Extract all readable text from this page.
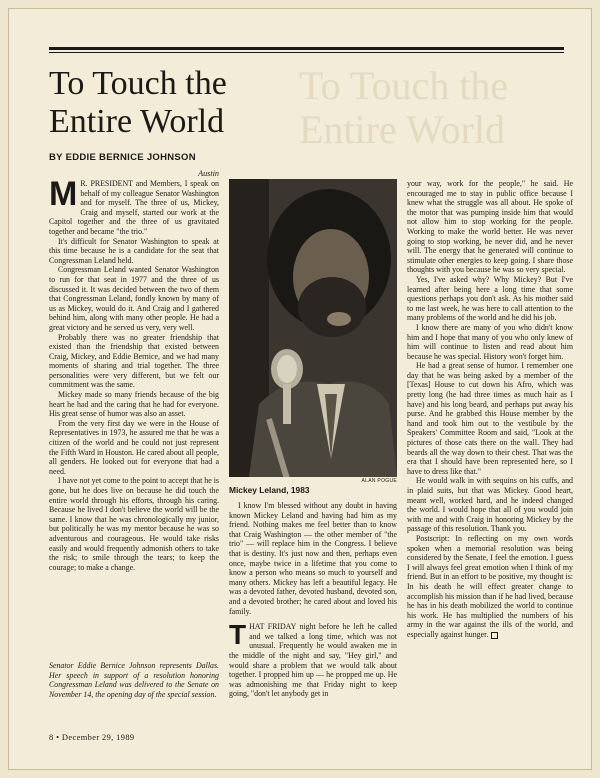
To Touch the Entire World
To Touch the
Entire World
BY EDDIE BERNICE JOHNSON
Austin

M R. PRESIDENT and Members, I speak on behalf of my colleague Senator Washington and for myself. The three of us, Mickey, Craig and myself, started our work at the Capitol together and the three of us gravitated together and became "the trio."

It's difficult for Senator Washington to speak at this time because he is a candidate for the seat that Congressman Leland held.

Congressman Leland wanted Senator Washington to run for that seat in 1977 and the three of us discussed it. It was decided between the two of them that Congressman Leland, fondly known by many of us as Mickey, would do it. And Craig and I gathered behind him, along with many other people. He had a great victory and he served us very, very well.

Probably there was no greater friendship that existed than the friendship that existed between Craig, Mickey, and Eddie Bernice, and we had many moments of sharing and trial together. The three personalities were very different, but we felt our commitment was the same.

Mickey made so many friends because of the big heart he had and the caring that he had for everyone. His great sense of humor was also an asset.

From the very first day we were in the House of Representatives in 1973, he assured me that he was a citizen of the world and he could not just represent the Fifth Ward in Houston. He cared about all people, all genders. He looked out for everyone that had a need.

I have not yet come to the point to accept that he is gone, but he does live on because he did touch the entire world through his efforts, through his caring. Because he lived I don't believe the world will be the same. I know that he was chronologically my junior, but politically he was my mentor because he was so adventurous and courageous. He would take risks easily and would frequently admonish others to take the risk; to smile through the tears; to keep the courage; to make a change.

Senator Eddie Bernice Johnson represents Dallas. Her speech in support of a resolution honoring Congressman Leland was delivered to the Senate on November 14, the opening day of the special session.
ALAN POGUE
Mickey Leland, 1983

I know I'm blessed without any doubt in having known Mickey Leland and having had him as my friend. Nothing makes me feel better than to know that Craig Washington — the other member of "the trio" — will replace him in the Congress. I believe that is destiny. It's just now and then, perhaps even once, maybe twice in a lifetime that you come to know a person who means so much to yourself and many others. Mickey has left a beautiful legacy. He was a devoted father, devoted husband, devoted son, and a devoted brother; he cared about and loved his family.

THAT FRIDAY night before he left he called and we talked a long time, which was not unusual. Frequently he would awaken me in the middle of the night and say, "Hey girl," and would share a problem that we would talk about together. I propped him up — he propped me up. He was admonishing me that Friday night to keep going, "don't let anybody get in

your way, work for the people," he said. He encouraged me to stay in public office because I knew what the struggle was all about. He spoke of the motor that was pumping inside him that would not allow him to stop working for the people. Working to make the world better. He was never going to stop working, he never did, and he never will. The energy that he generated will continue to stimulate other energies to keep going. I share those thoughts with you because he was so very special.

Yes, I've asked why? Why Mickey? But I've learned after being here a long time that some questions perhaps you don't ask. As his mother said to me last week, he was here to call attention to the many problems of the world and he did his job.

I know there are many of you who didn't know him and I hope that many of you who only knew of him will continue to listen and read about him because he was special. History won't forget him.

He had a great sense of humor. I remember one day that he was being asked by a member of the [Texas] House to cut down his Afro, which was pretty long (he had three times as much hair as I have) and his long beard, and perhaps put away his purse. And he grabbed this House member by the hand and took him out to the vestibule by the Speakers' Committee Room and said, "Look at the pictures of those cats there on the wall. They had beards all the way down to their chest. That was the era that I should have been represented here, so I have to dress like that."

He would walk in with sequins on his cuffs, and in plaid suits, but that was Mickey. Good heart, meant well, worked hard, and he indeed changed the world. I would hope that all of you would join with me and with Craig in honoring Mickey by the passage of this resolution. Thank you.

Postscript: In reflecting on my own words spoken when a memorial resolution was being considered by the Senate, I feel the emotion. I guess I will always feel great emotion when I think of my friend. But in an effort to be positive, my thought is: In his death he will effect greater change to accomplish his mission than if he had lived, because he has in his death mobilized the world to continue his work. He has multiplied the numbers of his army in the war against the ills of the world, and especially against hunger.

8 • December 29, 1989
